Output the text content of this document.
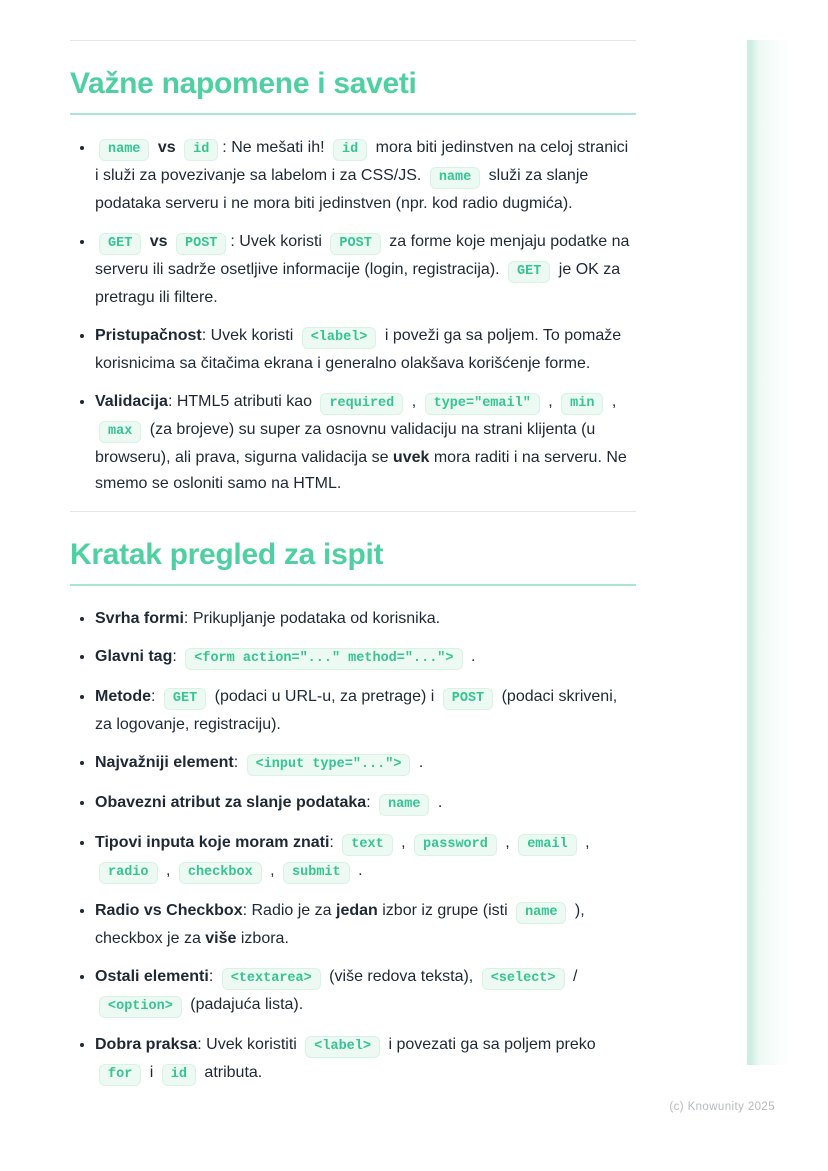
Važne napomene i saveti
• name vs id : Ne mešati ih! id mora biti jedinstven na celoj stranici i služi za povezivanje sa labelom i za CSS/JS. name služi za slanje podataka serveru i ne mora biti jedinstven (npr. kod radio dugmića).
• GET vs POST : Uvek koristi POST za forme koje menjaju podatke na serveru ili sadrže osetljive informacije (login, registracija). GET je OK za pretragu ili filtere.
• Pristupačnost: Uvek koristi <label> i poveži ga sa poljem. To pomaže korisnicima sa čitačima ekrana i generalno olakšava korišćenje forme.
• Validacija: HTML5 atributi kao required , type="email" , min , max (za brojeve) su super za osnovnu validaciju na strani klijenta (u browseru), ali prava, sigurna validacija se uvek mora raditi i na serveru. Ne smemo se osloniti samo na HTML.
Kratak pregled za ispit
• Svrha formi: Prikupljanje podataka od korisnika.
• Glavni tag: <form action="..." method="..."> .
• Metode: GET (podaci u URL-u, za pretrage) i POST (podaci skriveni, za logovanje, registraciju).
• Najvažniji element: <input type="..."> .
• Obavezni atribut za slanje podataka: name .
• Tipovi inputa koje moram znati: text , password , email , radio , checkbox , submit .
• Radio vs Checkbox: Radio je za jedan izbor iz grupe (isti name ), checkbox je za više izbora.
• Ostali elementi: <textarea> (više redova teksta), <select> / <option> (padajuća lista).
• Dobra praksa: Uvek koristiti <label> i povezati ga sa poljem preko for i id atributa.
(c) Knowunity 2025
